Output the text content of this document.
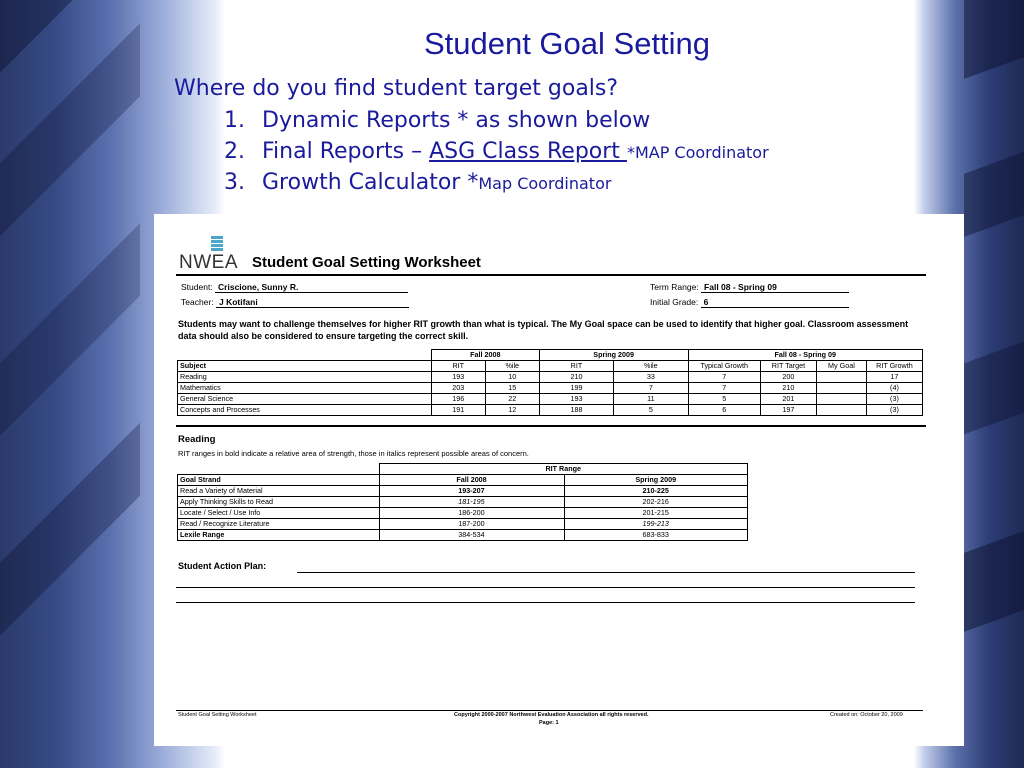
Student Goal Setting
Where do you find student target goals?
1. Dynamic Reports * as shown below
2. Final Reports – ASG Class Report *MAP Coordinator
3. Growth Calculator *Map Coordinator
NWEA Student Goal Setting Worksheet
Student: Criscione, Sunny R.
Teacher: J Kotifani
Term Range: Fall 08 - Spring 09
Initial Grade: 6
Students may want to challenge themselves for higher RIT growth than what is typical. The My Goal space can be used to identify that higher goal. Classroom assessment data should also be considered to ensure targeting the correct skill.
	Fall 2008		Spring 2009		Fall 08 - Spring 09			
Subject	RIT	%ile	RIT	%ile	Typical Growth	RIT Target	My Goal	RIT Growth
Reading	193	10	210	33	7	200		17
Mathematics	203	15	199	7	7	210		(4)
General Science	196	22	193	11	5	201		(3)
Concepts and Processes	191	12	188	5	6	197		(3)
Reading
RIT ranges in bold indicate a relative area of strength, those in italics represent possible areas of concern.
	RIT Range	
Goal Strand	Fall 2008	Spring 2009
Read a Variety of Material	193-207	210-225
Apply Thinking Skills to Read	181-195	202-216
Locate / Select / Use Info	186-200	201-215
Read / Recognize Literature	187-200	199-213
Lexile Range	384-534	683-833
Student Action Plan:
Student Goal Setting Worksheet	Copyright 2000-2007 Northwest Evaluation Association all rights reserved.
Page: 1
Created on: October 20, 2009
